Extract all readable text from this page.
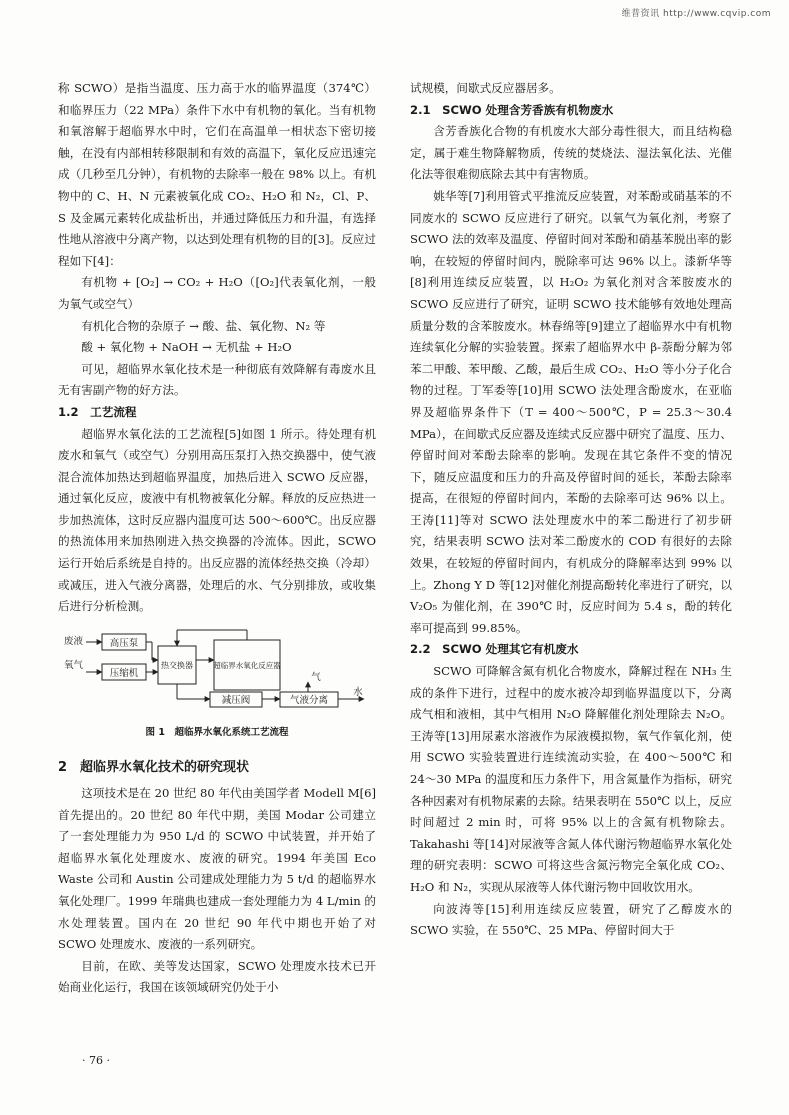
维普资讯 http://www.cqvip.com

称 SCWO）是指当温度、压力高于水的临界温度（374℃）和临界压力（22 MPa）条件下水中有机物的氧化。当有机物和氧溶解于超临界水中时，它们在高温单一相状态下密切接触，在没有内部相转移限制和有效的高温下，氧化反应迅速完成（几秒至几分钟），有机物的去除率一般在 98% 以上。有机物中的 C、H、N 元素被氧化成 CO₂、H₂O 和 N₂，Cl、P、S 及金属元素转化成盐析出，并通过降低压力和升温，有选择性地从溶液中分离产物，以达到处理有机物的目的[3]。反应过程如下[4]：

有机物 + [O₂] → CO₂ + H₂O（[O₂]代表氧化剂，一般为氧气或空气）

有机化合物的杂原子 → 酸、盐、氧化物、N₂ 等

酸 + 氧化物 + NaOH → 无机盐 + H₂O

可见，超临界水氧化技术是一种彻底有效降解有毒废水且无有害副产物的好方法。

1.2　工艺流程

超临界水氧化法的工艺流程[5]如图 1 所示。待处理有机废水和氧气（或空气）分别用高压泵打入热交换器中，使气液混合流体加热达到超临界温度，加热后进入 SCWO 反应器，通过氧化反应，废液中有机物被氧化分解。释放的反应热进一步加热流体，这时反应器内温度可达 500～600℃。出反应器的热流体用来加热刚进入热交换器的冷流体。因此，SCWO 运行开始后系统是自持的。出反应器的流体经热交换（冷却）或减压，进入气液分离器，处理后的水、气分别排放，或收集后进行分析检测。

废液
氧气
高压泵
压缩机
热交换器	超临界水氧化反应器
减压阀	气液分离
气
水
图 1　超临界水氧化系统工艺流程
2　超临界水氧化技术的研究现状

这项技术是在 20 世纪 80 年代由美国学者 Modell M[6] 首先提出的。20 世纪 80 年代中期，美国 Modar 公司建立了一套处理能力为 950 L/d 的 SCWO 中试装置，并开始了超临界水氧化处理废水、废液的研究。1994 年美国 Eco Waste 公司和 Austin 公司建成处理能力为 5 t/d 的超临界水氧化处理厂。1999 年瑞典也建成一套处理能力为 4 L/min 的水处理装置。国内在 20 世纪 90 年代中期也开始了对 SCWO 处理废水、废液的一系列研究。

目前，在欧、美等发达国家，SCWO 处理废水技术已开始商业化运行，我国在该领域研究仍处于小

试规模，间歇式反应器居多。

2.1　SCWO 处理含芳香族有机物废水

含芳香族化合物的有机废水大部分毒性很大，而且结构稳定，属于难生物降解物质，传统的焚烧法、湿法氧化法、光催化法等很难彻底除去其中有害物质。

姚华等[7]利用管式平推流反应装置，对苯酚或硝基苯的不同废水的 SCWO 反应进行了研究。以氧气为氧化剂，考察了 SCWO 法的效率及温度、停留时间对苯酚和硝基苯脱出率的影响，在较短的停留时间内，脱除率可达 96% 以上。漆新华等[8]利用连续反应装置，以 H₂O₂ 为氧化剂对含苯胺废水的 SCWO 反应进行了研究，证明 SCWO 技术能够有效地处理高质量分数的含苯胺废水。林春绵等[9]建立了超临界水中有机物连续氧化分解的实验装置。探索了超临界水中 β-萘酚分解为邻苯二甲酸、苯甲酸、乙酸，最后生成 CO₂、H₂O 等小分子化合物的过程。丁军委等[10]用 SCWO 法处理含酚废水，在亚临界及超临界条件下（T = 400～500℃，P = 25.3～30.4 MPa），在间歇式反应器及连续式反应器中研究了温度、压力、停留时间对苯酚去除率的影响。发现在其它条件不变的情况下，随反应温度和压力的升高及停留时间的延长，苯酚去除率提高，在很短的停留时间内，苯酚的去除率可达 96% 以上。王涛[11]等对 SCWO 法处理废水中的苯二酚进行了初步研究，结果表明 SCWO 法对苯二酚废水的 COD 有很好的去除效果，在较短的停留时间内，有机成分的降解率达到 99% 以上。Zhong Y D 等[12]对催化剂提高酚转化率进行了研究，以 V₂O₅ 为催化剂，在 390℃ 时，反应时间为 5.4 s，酚的转化率可提高到 99.85%。

2.2　SCWO 处理其它有机废水

SCWO 可降解含氮有机化合物废水，降解过程在 NH₃ 生成的条件下进行，过程中的废水被冷却到临界温度以下，分离成气相和液相，其中气相用 N₂O 降解催化剂处理除去 N₂O。王涛等[13]用尿素水溶液作为尿液模拟物，氧气作氧化剂，使用 SCWO 实验装置进行连续流动实验，在 400～500℃ 和 24～30 MPa 的温度和压力条件下，用含氮量作为指标，研究各种因素对有机物尿素的去除。结果表明在 550℃ 以上，反应时间超过 2 min 时，可将 95% 以上的含氮有机物除去。Takahashi 等[14]对尿液等含氮人体代谢污物超临界水氧化处理的研究表明：SCWO 可将这些含氮污物完全氧化成 CO₂、H₂O 和 N₂，实现从尿液等人体代谢污物中回收饮用水。

向波涛等[15]利用连续反应装置，研究了乙醇废水的 SCWO 实验，在 550℃、25 MPa、停留时间大于

· 76 ·
